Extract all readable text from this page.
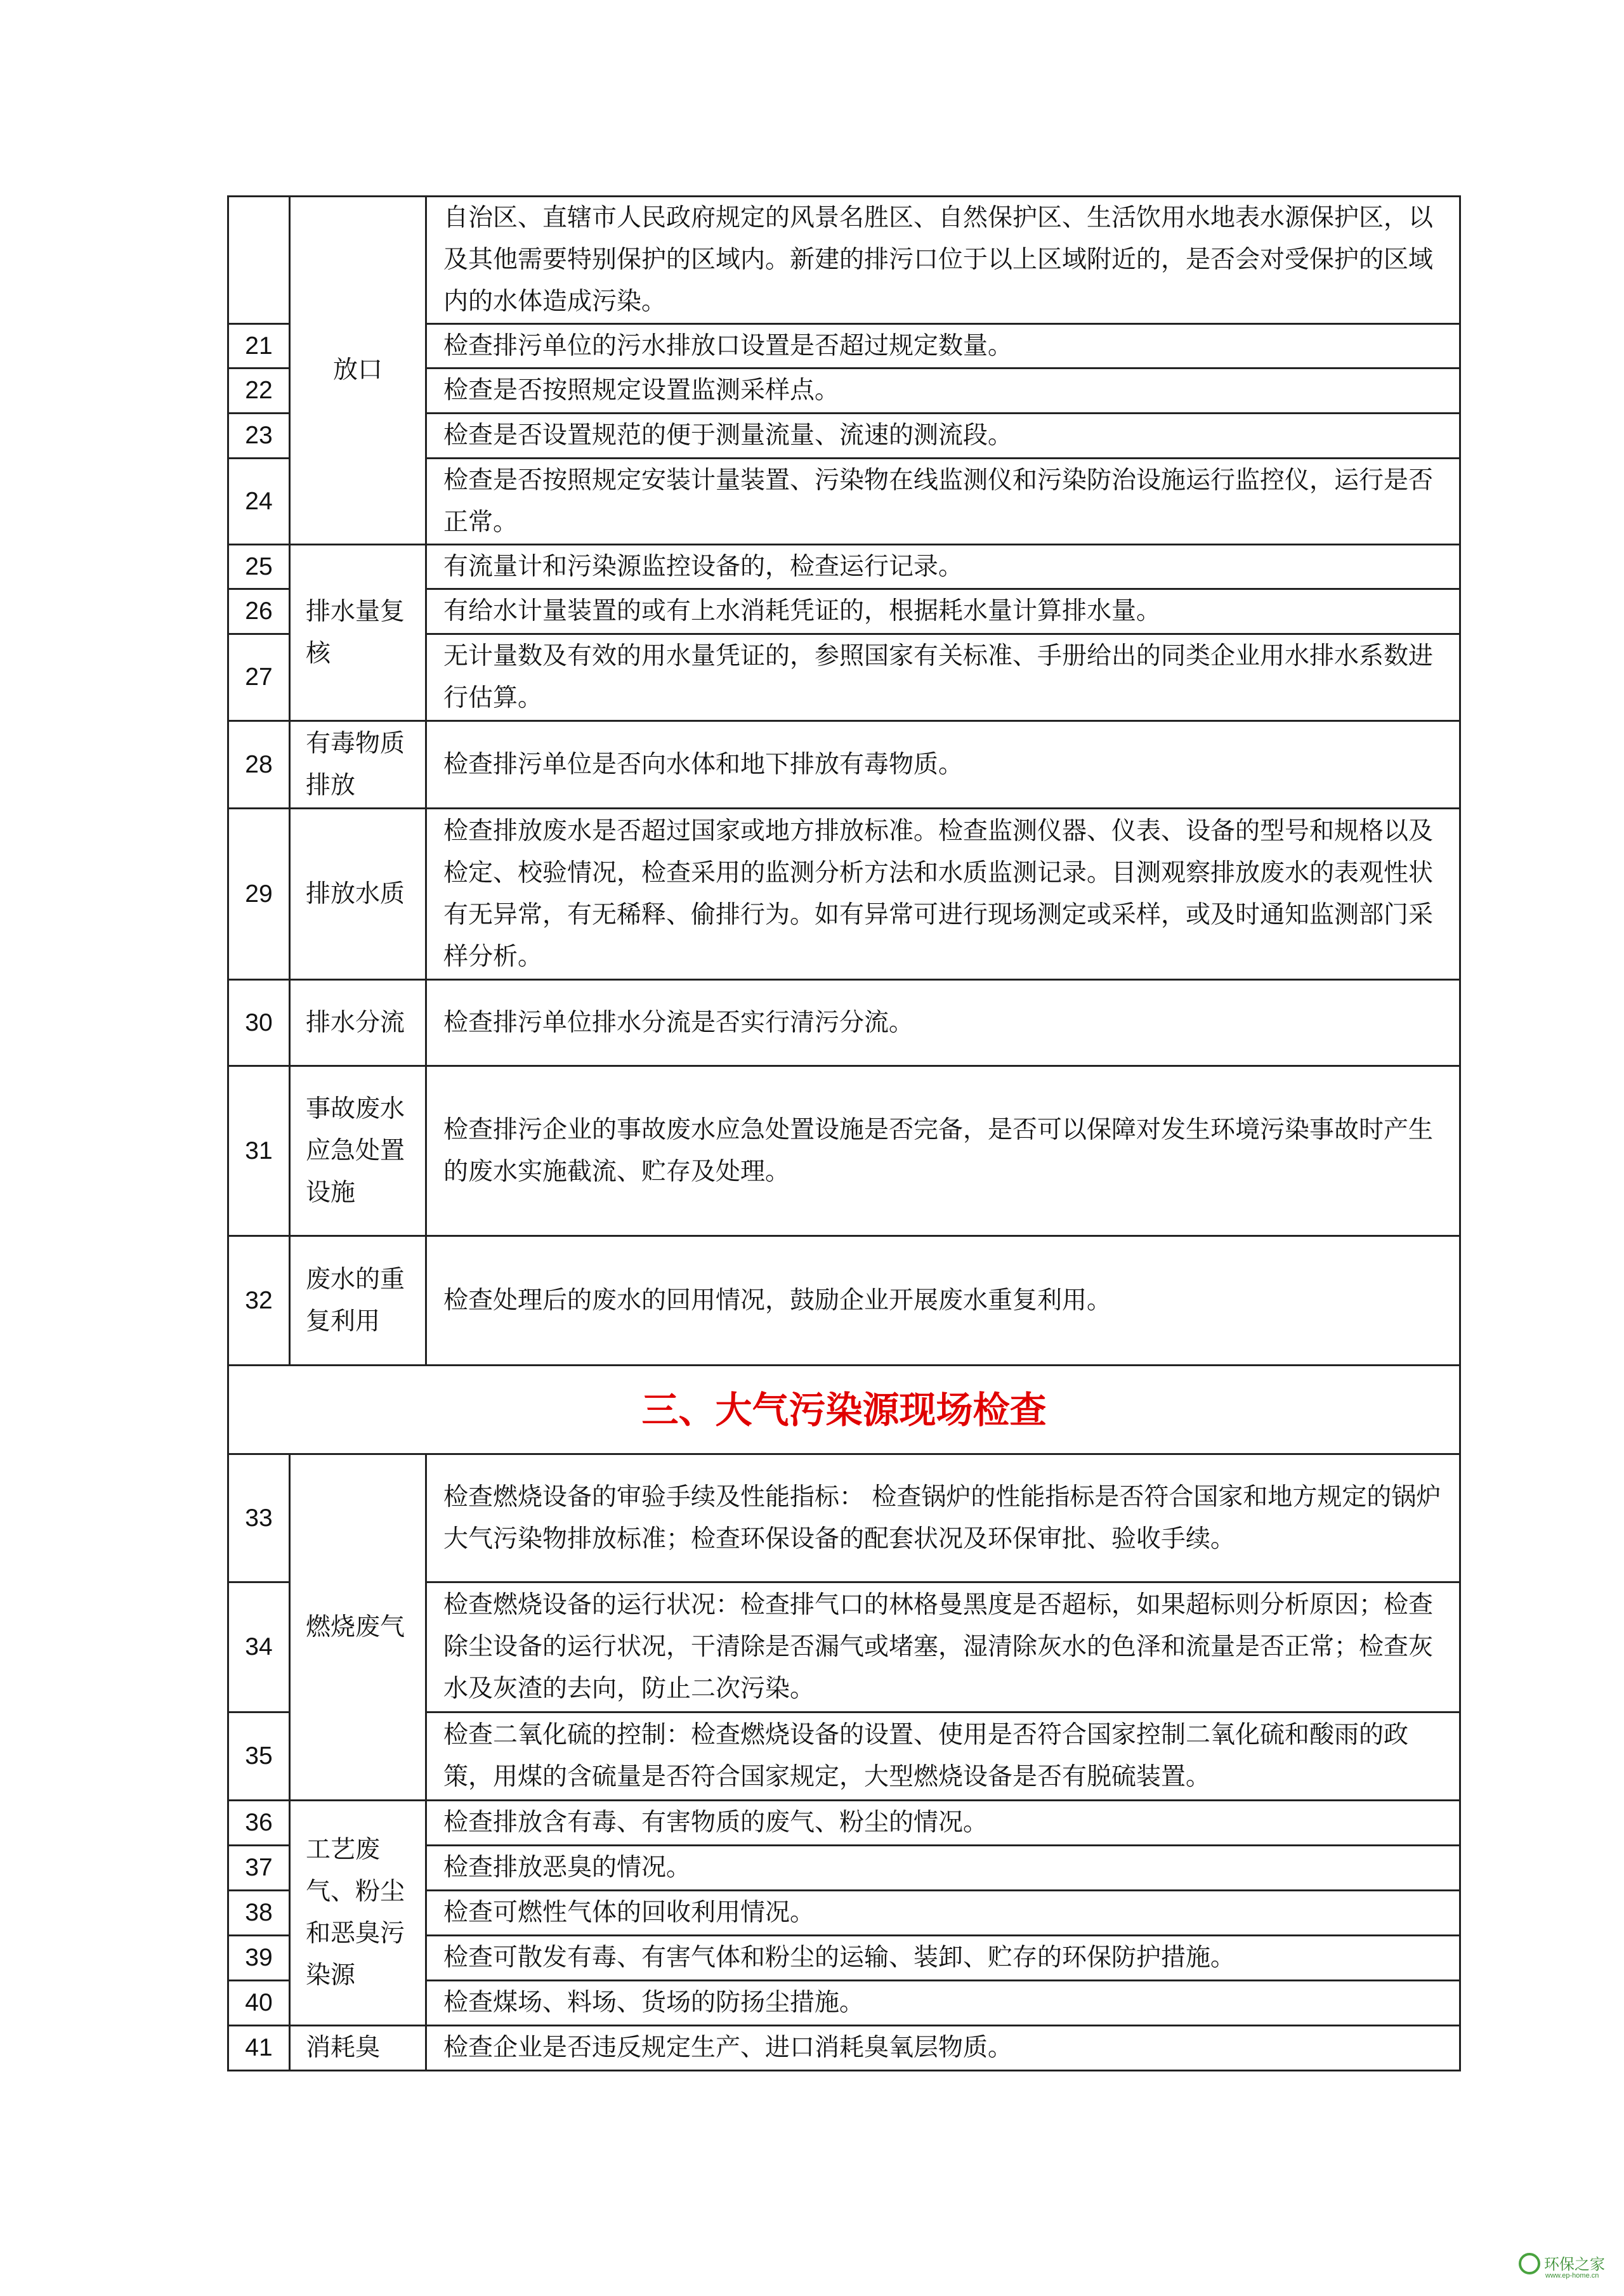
	放口	自治区、直辖市人民政府规定的风景名胜区、自然保护区、生活饮用水地表水源保护区，以及其他需要特别保护的区域内。新建的排污口位于以上区域附近的，是否会对受保护的区域内的水体造成污染。
21		检查排污单位的污水排放口设置是否超过规定数量。
22		检查是否按照规定设置监测采样点。
23		检查是否设置规范的便于测量流量、流速的测流段。
24		检查是否按照规定安装计量装置、污染物在线监测仪和污染防治设施运行监控仪，运行是否正常。
25	排水量复核	有流量计和污染源监控设备的，检查运行记录。
26		有给水计量装置的或有上水消耗凭证的，根据耗水量计算排水量。
27		无计量数及有效的用水量凭证的，参照国家有关标准、手册给出的同类企业用水排水系数进行估算。
28	有毒物质排放	检查排污单位是否向水体和地下排放有毒物质。
29	排放水质	检查排放废水是否超过国家或地方排放标准。检查监测仪器、仪表、设备的型号和规格以及检定、校验情况，检查采用的监测分析方法和水质监测记录。目测观察排放废水的表观性状有无异常，有无稀释、偷排行为。如有异常可进行现场测定或采样，或及时通知监测部门采样分析。
30	排水分流	检查排污单位排水分流是否实行清污分流。
31	事故废水应急处置设施	检查排污企业的事故废水应急处置设施是否完备，是否可以保障对发生环境污染事故时产生的废水实施截流、贮存及处理。
32	废水的重复利用	检查处理后的废水的回用情况，鼓励企业开展废水重复利用。
三、大气污染源现场检查		
33	燃烧废气	检查燃烧设备的审验手续及性能指标： 检查锅炉的性能指标是否符合国家和地方规定的锅炉大气污染物排放标准；检查环保设备的配套状况及环保审批、验收手续。
34		检查燃烧设备的运行状况：检查排气口的林格曼黑度是否超标，如果超标则分析原因；检查除尘设备的运行状况，干清除是否漏气或堵塞，湿清除灰水的色泽和流量是否正常；检查灰水及灰渣的去向，防止二次污染。
35		检查二氧化硫的控制：检查燃烧设备的设置、使用是否符合国家控制二氧化硫和酸雨的政策，用煤的含硫量是否符合国家规定，大型燃烧设备是否有脱硫装置。
36	工艺废气、粉尘和恶臭污染源	检查排放含有毒、有害物质的废气、粉尘的情况。
37		检查排放恶臭的情况。
38		检查可燃性气体的回收利用情况。
39		检查可散发有毒、有害气体和粉尘的运输、装卸、贮存的环保防护措施。
40		检查煤场、料场、货场的防扬尘措施。
41	消耗臭	检查企业是否违反规定生产、进口消耗臭氧层物质。
环保之家
www.ep-home.cn
